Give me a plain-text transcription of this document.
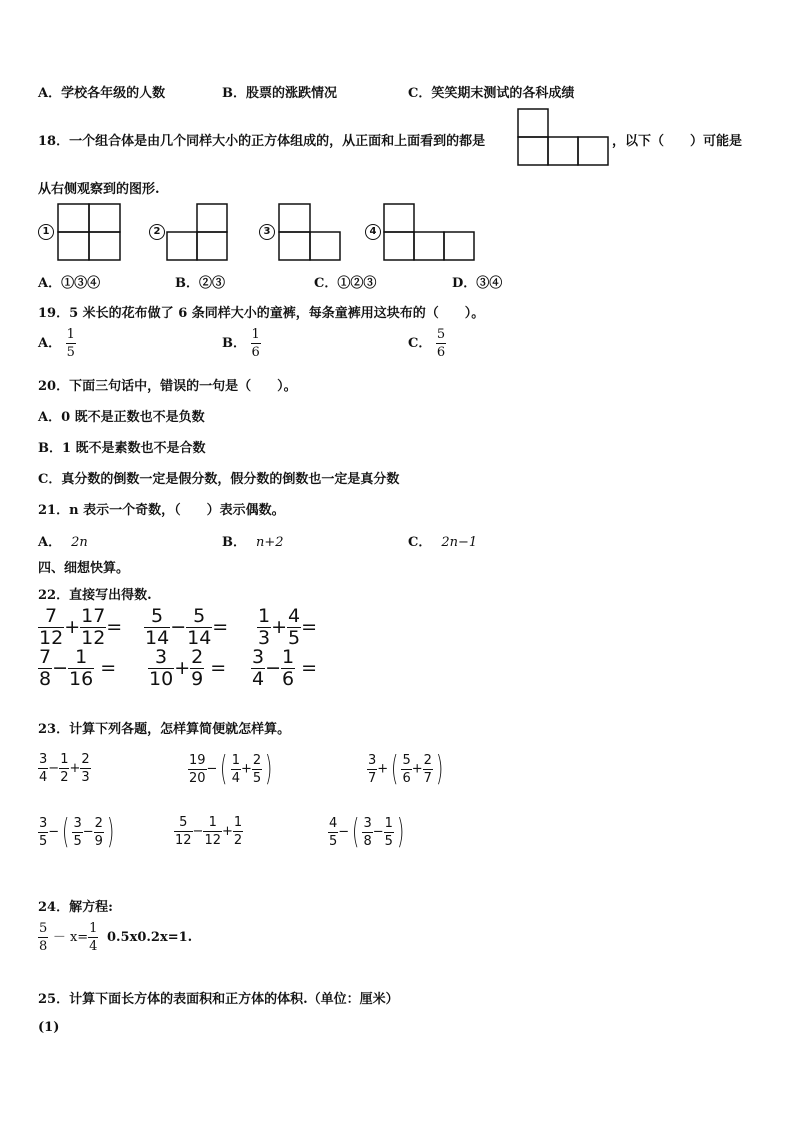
A．学校各年级的人数	B．股票的涨跌情况	C．笑笑期末测试的各科成绩
18．一个组合体是由几个同样大小的正方体组成的，从正面和上面看到的都是	，以下（　　）可能是
从右侧观察到的图形.
1	2	3	4
A．①③④	B．②③	C．①②③	D．③④
19．5 米长的花布做了 6 条同样大小的童裤，每条童裤用这块布的（　　）。
A． $\frac{1}{5}$	B． $\frac{1}{6}$	C． $\frac{5}{6}$
20．下面三句话中，错误的一句是（　　）。
A．0 既不是正数也不是负数
B．1 既不是素数也不是合数
C．真分数的倒数一定是假分数，假分数的倒数也一定是真分数
21．n 表示一个奇数，（　　）表示偶数。
A． 2n	B． n+2	C． 2n−1
四、细想快算。
22．直接写出得数.
$\frac{7}{12} + \frac{17}{12} = \frac{5}{14} - \frac{5}{14} = \frac{1}{3} + \frac{4}{5}$ =
$\frac{7}{8} - \frac{1}{16} = \frac{3}{10} + \frac{2}{9} = \frac{3}{4} - \frac{1}{6}$ =
23．计算下列各题，怎样算简便就怎样算。
$\frac{3}{4} - \frac{1}{2} + \frac{2}{3}$	$\frac{19}{20}$ −( $\frac{1}{4} + \frac{2}{5}$ )	$\frac{3}{7}$ +( $\frac{5}{6} + \frac{2}{7}$ )
$\frac{3}{5}$ −( $\frac{3}{5} - \frac{2}{9}$ )	$\frac{5}{12} - \frac{1}{12} + \frac{1}{2}$	$\frac{4}{5}$ −( $\frac{3}{8} - \frac{1}{5}$ )
24．解方程:
$\frac{5}{8} - x= \frac{1}{4} 0.5x0.2x=1$.
25．计算下面长方体的表面积和正方体的体积.（单位：厘米）
(1)
